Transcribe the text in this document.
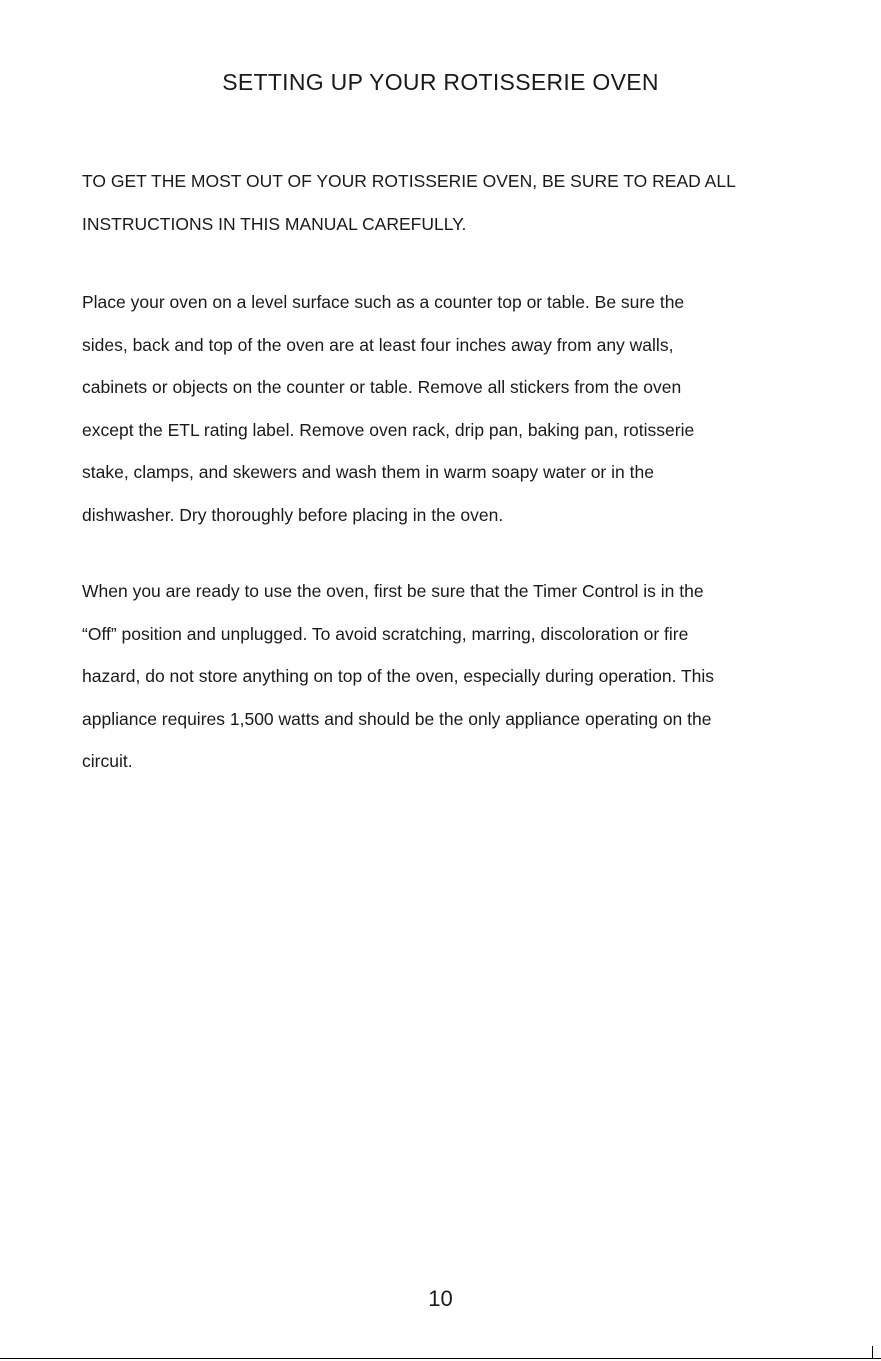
SETTING UP YOUR ROTISSERIE OVEN
TO GET THE MOST OUT OF YOUR ROTISSERIE OVEN, BE SURE TO READ ALL
INSTRUCTIONS IN THIS MANUAL CAREFULLY.
Place your oven on a level surface such as a counter top or table. Be sure the
sides, back and top of the oven are at least four inches away from any walls,
cabinets or objects on the counter or table. Remove all stickers from the oven
except the ETL rating label. Remove oven rack, drip pan, baking pan, rotisserie
stake, clamps, and skewers and wash them in warm soapy water or in the
dishwasher. Dry thoroughly before placing in the oven.
When you are ready to use the oven, first be sure that the Timer Control is in the
“Off” position and unplugged. To avoid scratching, marring, discoloration or fire
hazard, do not store anything on top of the oven, especially during operation. This
appliance requires 1,500 watts and should be the only appliance operating on the
circuit.
10
